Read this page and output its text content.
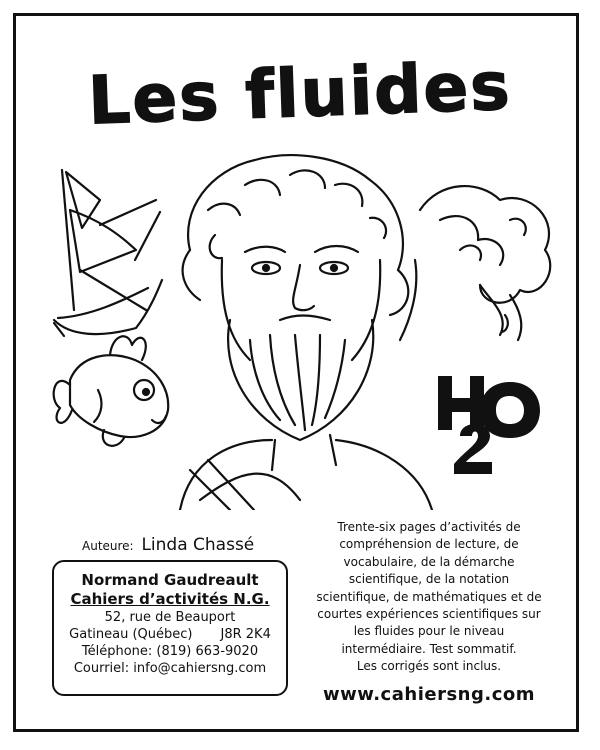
Les fluides
Auteure: Linda Chassé
Normand Gaudreault
Cahiers d’activités N.G.
52, rue de Beauport
Gatineau (Québec) J8R 2K4
Téléphone: (819) 663-9020
Courriel: info@cahiersng.com
Trente-six pages d’activités de
compréhension de lecture, de
vocabulaire, de la démarche
scientifique, de la notation
scientifique, de mathématiques et de
courtes expériences scientifiques sur
les fluides pour le niveau
intermédiaire. Test sommatif.
Les corrigés sont inclus.
www.cahiersng.com
